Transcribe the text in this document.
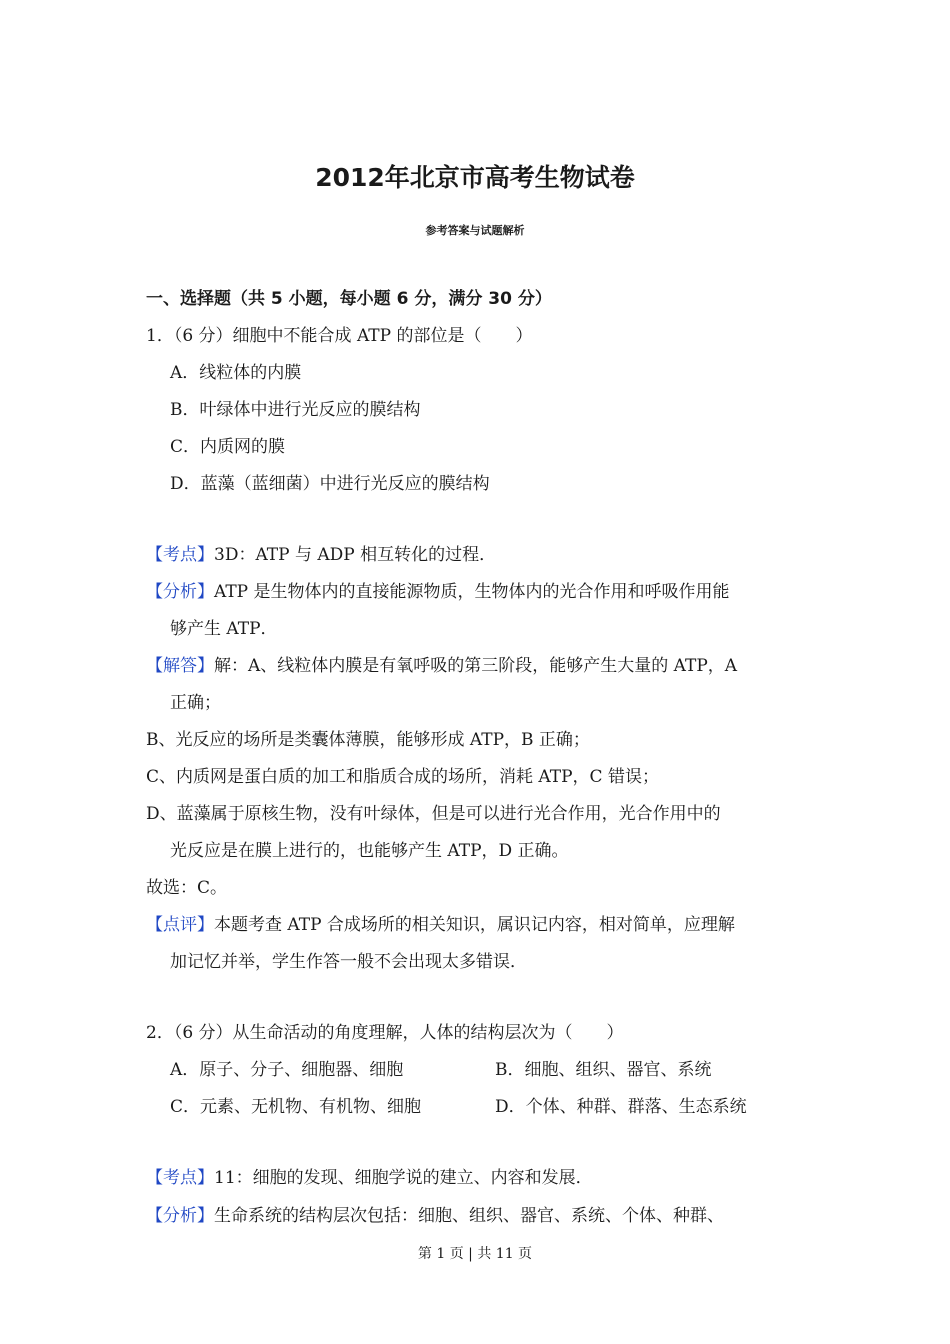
2012年北京市高考生物试卷
参考答案与试题解析
一、选择题（共 5 小题，每小题 6 分，满分 30 分）
1．（6 分）细胞中不能合成 ATP 的部位是（　　）
A．线粒体的内膜
B．叶绿体中进行光反应的膜结构
C．内质网的膜
D．蓝藻（蓝细菌）中进行光反应的膜结构
【考点】3D：ATP 与 ADP 相互转化的过程．
【分析】ATP 是生物体内的直接能源物质，生物体内的光合作用和呼吸作用能
够产生 ATP．
【解答】解：A、线粒体内膜是有氧呼吸的第三阶段，能够产生大量的 ATP，A
正确；
B、光反应的场所是类囊体薄膜，能够形成 ATP，B 正确；
C、内质网是蛋白质的加工和脂质合成的场所，消耗 ATP，C 错误；
D、蓝藻属于原核生物，没有叶绿体，但是可以进行光合作用，光合作用中的
光反应是在膜上进行的，也能够产生 ATP，D 正确。
故选：C。
【点评】本题考查 ATP 合成场所的相关知识，属识记内容，相对简单，应理解
加记忆并举，学生作答一般不会出现太多错误．
2．（6 分）从生命活动的角度理解，人体的结构层次为（　　）
A．原子、分子、细胞器、细胞	B．细胞、组织、器官、系统
C．元素、无机物、有机物、细胞	D．个体、种群、群落、生态系统
【考点】11：细胞的发现、细胞学说的建立、内容和发展．
【分析】生命系统的结构层次包括：细胞、组织、器官、系统、个体、种群、
第 1 页 | 共 11 页
